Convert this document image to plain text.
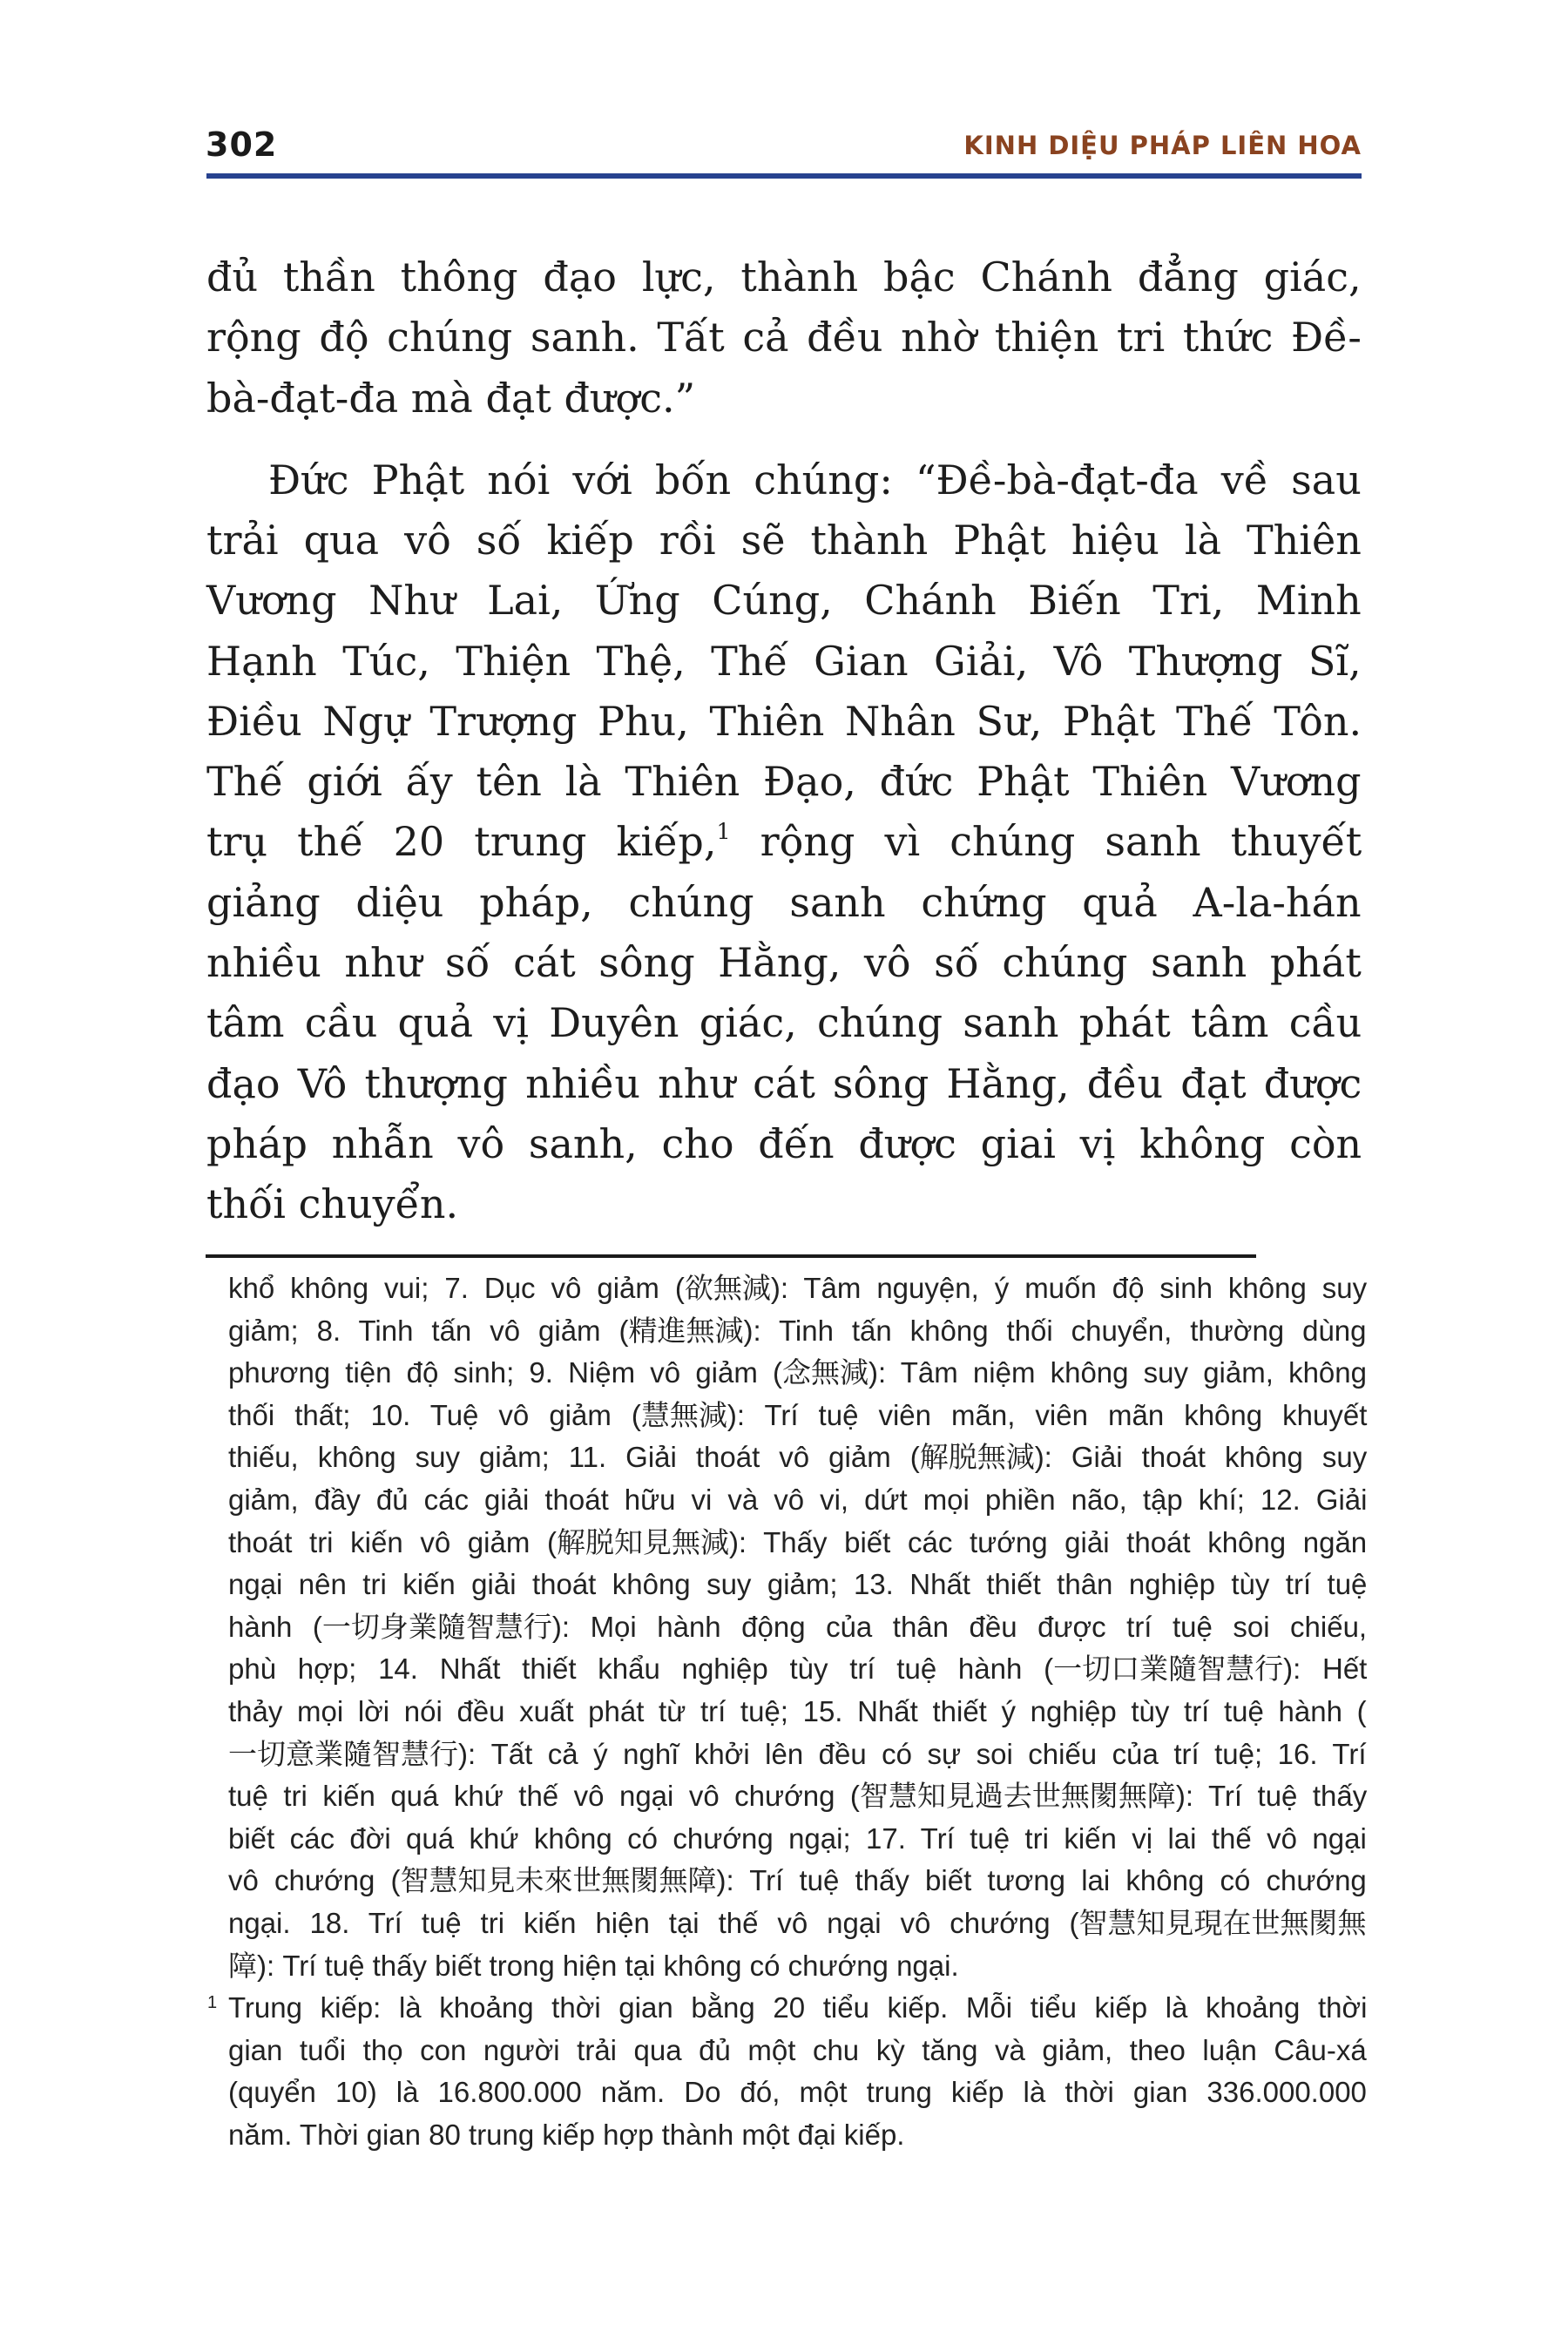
302	KINH DIỆU PHÁP LIÊN HOA
đủ thần thông đạo lực, thành bậc Chánh đẳng giác,
rộng độ chúng sanh. Tất cả đều nhờ thiện tri thức Đề-
bà-đạt-đa mà đạt được.”
Đức Phật nói với bốn chúng: “Đề-bà-đạt-đa về sau
trải qua vô số kiếp rồi sẽ thành Phật hiệu là Thiên
Vương Như Lai, Ứng Cúng, Chánh Biến Tri, Minh
Hạnh Túc, Thiện Thệ, Thế Gian Giải, Vô Thượng Sĩ,
Điều Ngự Trượng Phu, Thiên Nhân Sư, Phật Thế Tôn.
Thế giới ấy tên là Thiên Đạo, đức Phật Thiên Vương
trụ thế 20 trung kiếp,$^1$ rộng vì chúng sanh thuyết
giảng diệu pháp, chúng sanh chứng quả A-la-hán
nhiều như số cát sông Hằng, vô số chúng sanh phát
tâm cầu quả vị Duyên giác, chúng sanh phát tâm cầu
đạo Vô thượng nhiều như cát sông Hằng, đều đạt được
pháp nhẫn vô sanh, cho đến được giai vị không còn
thối chuyển.
khổ không vui; 7. Dục vô giảm (欲無減): Tâm nguyện, ý muốn độ sinh không suy
giảm; 8. Tinh tấn vô giảm (精進無減): Tinh tấn không thối chuyển, thường dùng
phương tiện độ sinh; 9. Niệm vô giảm (念無減): Tâm niệm không suy giảm, không
thối thất; 10. Tuệ vô giảm (慧無減): Trí tuệ viên mãn, viên mãn không khuyết
thiếu, không suy giảm; 11. Giải thoát vô giảm (解脱無減): Giải thoát không suy
giảm, đầy đủ các giải thoát hữu vi và vô vi, dứt mọi phiền não, tập khí; 12. Giải
thoát tri kiến vô giảm (解脱知見無減): Thấy biết các tướng giải thoát không ngăn
ngại nên tri kiến giải thoát không suy giảm; 13. Nhất thiết thân nghiệp tùy trí tuệ
hành (一切身業隨智慧行): Mọi hành động của thân đều được trí tuệ soi chiếu,
phù hợp; 14. Nhất thiết khẩu nghiệp tùy trí tuệ hành (一切口業隨智慧行): Hết
thảy mọi lời nói đều xuất phát từ trí tuệ; 15. Nhất thiết ý nghiệp tùy trí tuệ hành (
一切意業隨智慧行): Tất cả ý nghĩ khởi lên đều có sự soi chiếu của trí tuệ; 16. Trí
tuệ tri kiến quá khứ thế vô ngại vô chướng (智慧知見過去世無閡無障): Trí tuệ thấy
biết các đời quá khứ không có chướng ngại; 17. Trí tuệ tri kiến vị lai thế vô ngại
vô chướng (智慧知見未來世無閡無障): Trí tuệ thấy biết tương lai không có chướng
ngại. 18. Trí tuệ tri kiến hiện tại thế vô ngại vô chướng (智慧知見現在世無閡無
障): Trí tuệ thấy biết trong hiện tại không có chướng ngại.
1 Trung kiếp: là khoảng thời gian bằng 20 tiểu kiếp. Mỗi tiểu kiếp là khoảng thời
gian tuổi thọ con người trải qua đủ một chu kỳ tăng và giảm, theo luận Câu-xá
(quyển 10) là 16.800.000 năm. Do đó, một trung kiếp là thời gian 336.000.000
năm. Thời gian 80 trung kiếp hợp thành một đại kiếp.
